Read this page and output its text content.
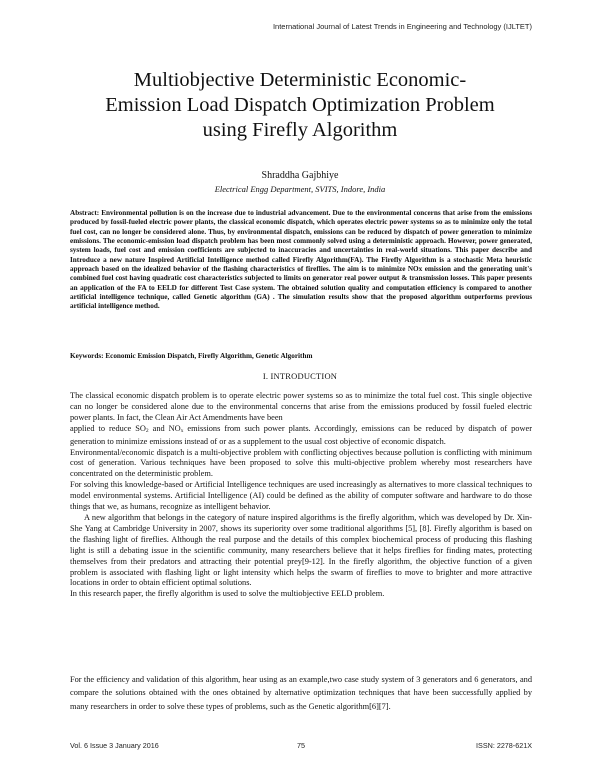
International Journal of Latest Trends in Engineering and Technology (IJLTET)
Multiobjective Deterministic Economic-
Emission Load Dispatch Optimization Problem
using Firefly Algorithm
Shraddha Gajbhiye
Electrical Engg Department, SVITS, Indore, India
Abstract: Environmental pollution is on the increase due to industrial advancement. Due to the environmental concerns that arise from the emissions produced by fossil-fueled electric power plants, the classical economic dispatch, which operates electric power systems so as to minimize only the total fuel cost, can no longer be considered alone. Thus, by environmental dispatch, emissions can be reduced by dispatch of power generation to minimize emissions. The economic-emission load dispatch problem has been most commonly solved using a deterministic approach. However, power generated, system loads, fuel cost and emission coefficients are subjected to inaccuracies and uncertainties in real-world situations. This paper describe and Introduce a new nature Inspired Artificial Intelligence method called Firefly Algorithm(FA). The Firefly Algorithm is a stochastic Meta heuristic approach based on the idealized behavior of the flashing characteristics of fireflies. The aim is to minimize NOx emission and the generating unit's combined fuel cost having quadratic cost characteristics subjected to limits on generator real power output & transmission losses. This paper presents an application of the FA to EELD for different Test Case system. The obtained solution quality and computation efficiency is compared to another artificial intelligence technique, called Genetic algorithm (GA) . The simulation results show that the proposed algorithm outperforms previous artificial intelligence method.
Keywords: Economic Emission Dispatch, Firefly Algorithm, Genetic Algorithm
I. INTRODUCTION

The classical economic dispatch problem is to operate electric power systems so as to minimize the total fuel cost. This single objective can no longer be considered alone due to the environmental concerns that arise from the emissions produced by fossil fueled electric power plants. In fact, the Clean Air Act Amendments have been

applied to reduce $SO_2$ and $NO_x$ emissions from such power plants. Accordingly, emissions can be reduced by dispatch of power generation to minimize emissions instead of or as a supplement to the usual cost objective of economic dispatch.

Environmental/economic dispatch is a multi-objective problem with conflicting objectives because pollution is conflicting with minimum cost of generation. Various techniques have been proposed to solve this multi-objective problem whereby most researchers have concentrated on the deterministic problem.

For solving this knowledge-based or Artificial Intelligence techniques are used increasingly as alternatives to more classical techniques to model environmental systems. Artificial Intelligence (AI) could be defined as the ability of computer software and hardware to do those things that we, as humans, recognize as intelligent behavior.

A new algorithm that belongs in the category of nature inspired algorithms is the firefly algorithm, which was developed by Dr. Xin-She Yang at Cambridge University in 2007, shows its superiority over some traditional algorithms [5], [8]. Firefly algorithm is based on the flashing light of fireflies. Although the real purpose and the details of this complex biochemical process of producing this flashing light is still a debating issue in the scientific community, many researchers believe that it helps fireflies for finding mates, protecting themselves from their predators and attracting their potential prey[9-12]. In the firefly algorithm, the objective function of a given problem is associated with flashing light or light intensity which helps the swarm of fireflies to move to brighter and more attractive locations in order to obtain efficient optimal solutions.

In this research paper, the firefly algorithm is used to solve the multiobjective EELD problem.

For the efficiency and validation of this algorithm, hear using as an example,two case study system of 3 generators and 6 generators, and compare the solutions obtained with the ones obtained by alternative optimization techniques that have been successfully applied by many researchers in order to solve these types of problems, such as the Genetic algorithm[6][7].

Vol. 6 Issue 3 January 2016	75	ISSN: 2278-621X
